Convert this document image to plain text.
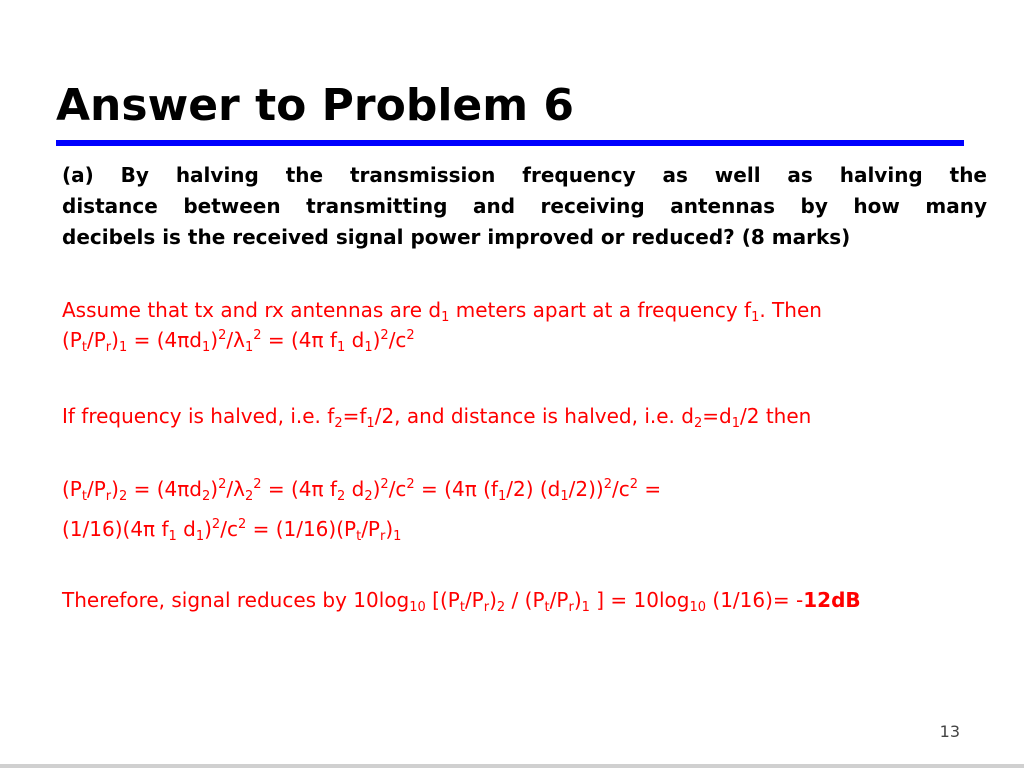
Answer to Problem 6
(a) By halving the transmission frequency as well as halving the
distance between transmitting and receiving antennas by how many
decibels is the received signal power improved or reduced? (8 marks)
Assume that tx and rx antennas are $d_1$ meters apart at a frequency $f_1$. Then
$(P_t/P_r)_1 = (4\pi d_1)^2/\lambda_1^2 = (4\pi$ $f_1$ $d_1)^2/c^2$
If frequency is halved, i.e. $f_2=f_1/2$, and distance is halved, i.e. $d_2=d_1/2$ then
$(P_t/P_r)_2 = (4\pi d_2)^2/\lambda_2^2 = (4\pi$ $f_2$ $d_2)^2/c^2 = (4\pi$ $(f_1/2) (d_1/2))^2/c^2$ =
(1/16)(4π $f_1$ $d_1)^2/c^2 = (1/16)(P_t/P_r)_1$
Therefore, signal reduces by $10\log_{10}$ [$(P_t/P_r)_2 / (P_t/P_r)_1$ ] = $10\log_{10}$ (1/16)= -12dB
13
